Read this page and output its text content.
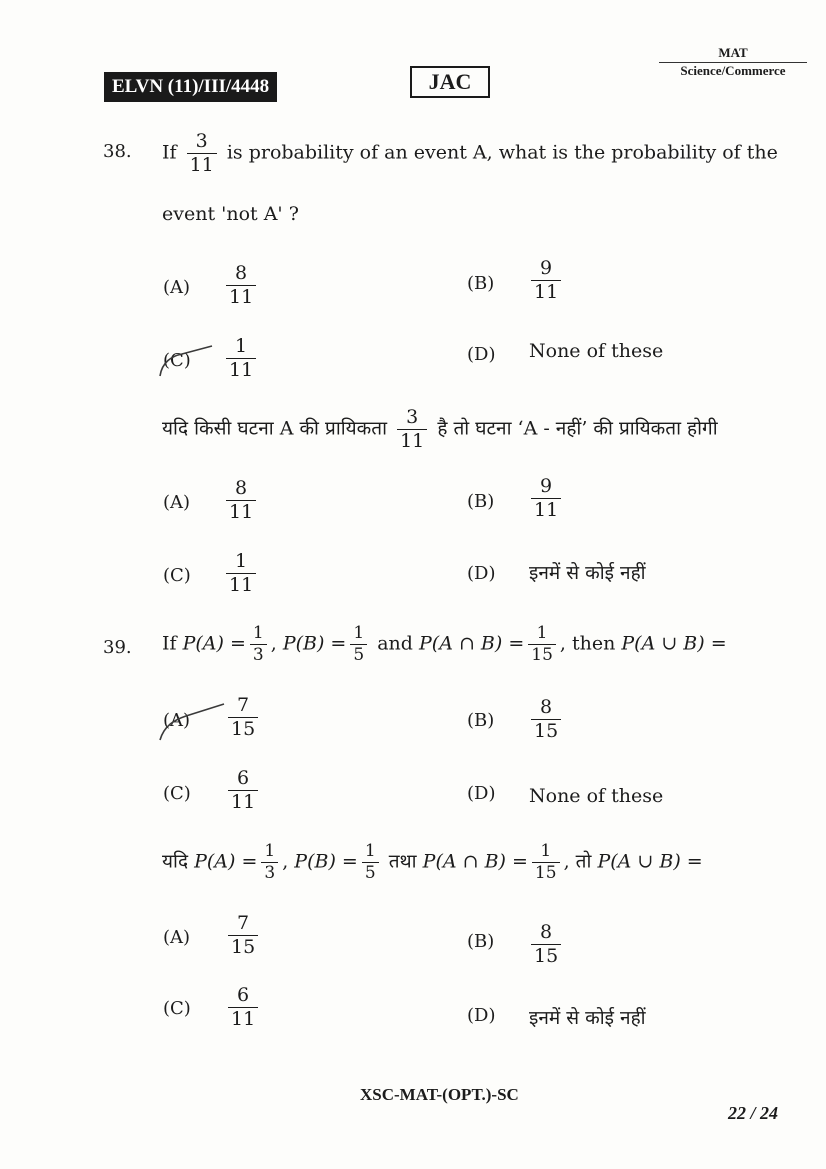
ELVN (11)/III/4448	JAC
MAT
Science/Commerce
38. If $\frac{3}{11}$ is probability of an event A, what is the probability of the
event 'not A' ?
$(A) \frac{8}{11}$	$(B) \frac{9}{11}$
$(C) \frac{1}{11}$	(D) None of these
यदि किसी घटना A की प्रायिकता $\frac{3}{11}$ है तो घटना ‘A - नहीं’ की प्रायिकता होगी
$(A) \frac{8}{11}$	$(B) \frac{9}{11}$
$(C) \frac{1}{11}$	(D) इनमें से कोई नहीं
39. If $P(A) = \frac{1}{3}$ , $P(B) = \frac{1}{5}$ and P(A ∩ $B) = \frac{1}{15}$ , then P(A ∪ B) =
$(A) \frac{7}{15}$	$(B) \frac{8}{15}$
$(C) \frac{6}{11}$	(D) None of these
यदि $P(A) = \frac{1}{3}$ , $P(B) = \frac{1}{5}$ तथा P(A ∩ $B) = \frac{1}{15}$ , तो P(A ∪ B) =
$(A) \frac{7}{15}$	$(B) \frac{8}{15}$
$(C) \frac{6}{11}$	(D) इनमें से कोई नहीं
XSC-MAT-(OPT.)-SC
22 / 24
